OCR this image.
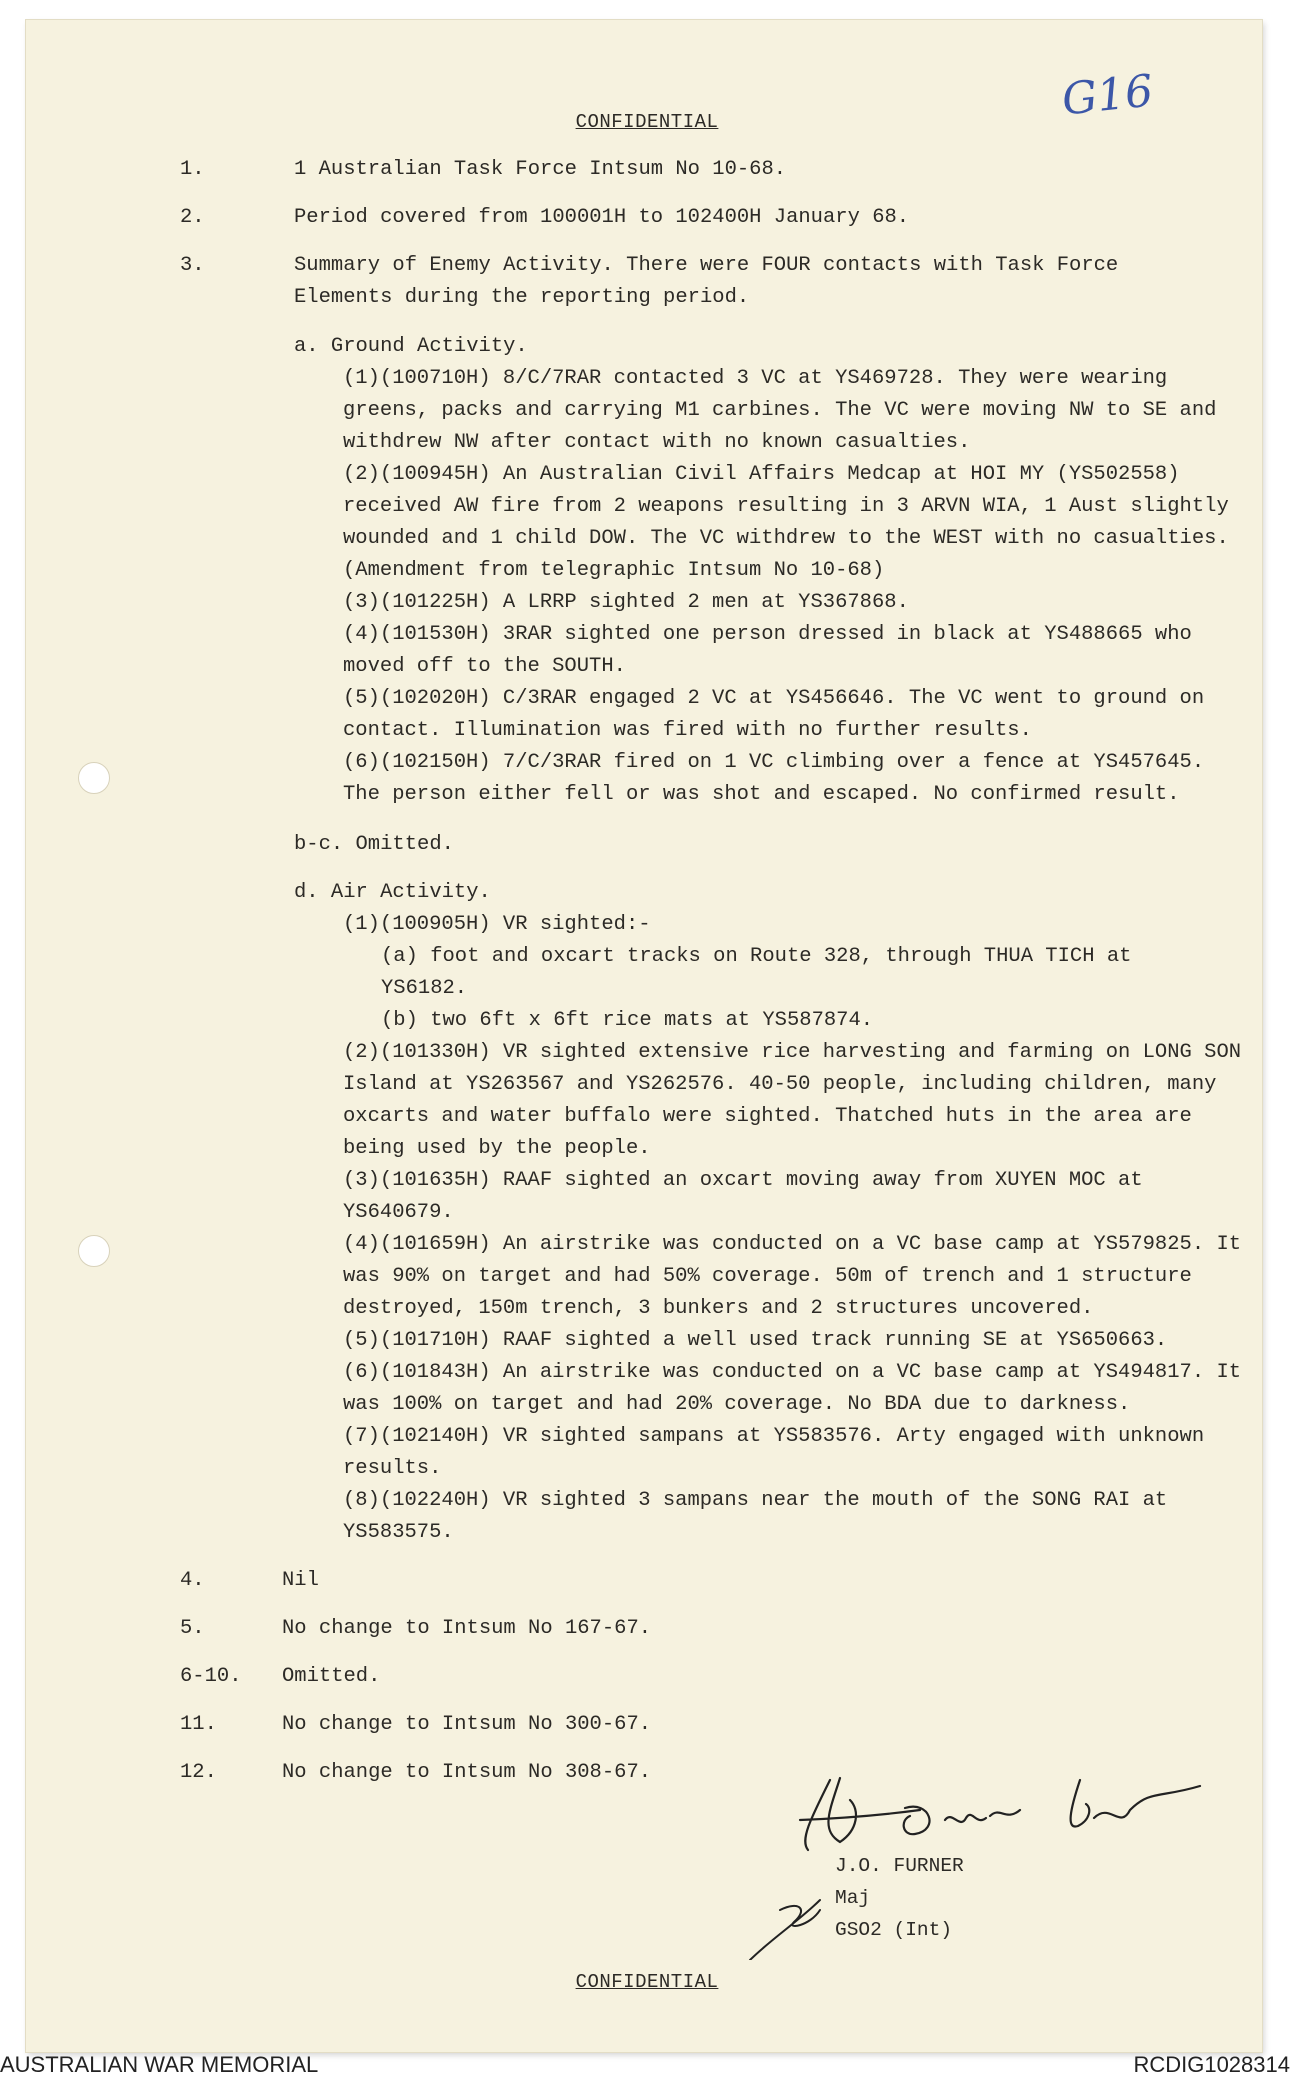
CONFIDENTIAL	G16
1.	1 Australian Task Force Intsum No 10-68.
2.	Period covered from 100001H to 102400H January 68.
3.	Summary of Enemy Activity. There were FOUR contacts with Task Force Elements during the reporting period.
a. Ground Activity.
(1)(100710H) 8/C/7RAR contacted 3 VC at YS469728. They were wearing greens, packs and carrying M1 carbines. The VC were moving NW to SE and withdrew NW after contact with no known casualties.
(2)(100945H) An Australian Civil Affairs Medcap at HOI MY (YS502558) received AW fire from 2 weapons resulting in 3 ARVN WIA, 1 Aust slightly wounded and 1 child DOW. The VC withdrew to the WEST with no casualties. (Amendment from telegraphic Intsum No 10-68)
(3)(101225H) A LRRP sighted 2 men at YS367868.
(4)(101530H) 3RAR sighted one person dressed in black at YS488665 who moved off to the SOUTH.
(5)(102020H) C/3RAR engaged 2 VC at YS456646. The VC went to ground on contact. Illumination was fired with no further results.
(6)(102150H) 7/C/3RAR fired on 1 VC climbing over a fence at YS457645. The person either fell or was shot and escaped. No confirmed result.
b-c. Omitted.
d. Air Activity.
(1)(100905H) VR sighted:-
(a) foot and oxcart tracks on Route 328, through THUA TICH at YS6182.
(b) two 6ft x 6ft rice mats at YS587874.
(2)(101330H) VR sighted extensive rice harvesting and farming on LONG SON Island at YS263567 and YS262576. 40-50 people, including children, many oxcarts and water buffalo were sighted. Thatched huts in the area are being used by the people.
(3)(101635H) RAAF sighted an oxcart moving away from XUYEN MOC at YS640679.
(4)(101659H) An airstrike was conducted on a VC base camp at YS579825. It was 90% on target and had 50% coverage. 50m of trench and 1 structure destroyed, 150m trench, 3 bunkers and 2 structures uncovered.
(5)(101710H) RAAF sighted a well used track running SE at YS650663.
(6)(101843H) An airstrike was conducted on a VC base camp at YS494817. It was 100% on target and had 20% coverage. No BDA due to darkness.
(7)(102140H) VR sighted sampans at YS583576. Arty engaged with unknown results.
(8)(102240H) VR sighted 3 sampans near the mouth of the SONG RAI at YS583575.
4.	Nil
5.	No change to Intsum No 167-67.
6-10. Omitted.
11.	No change to Intsum No 300-67.
12.	No change to Intsum No 308-67.
J.O. FURNER
Maj
GSO2 (Int)
CONFIDENTIAL
AUSTRALIAN WAR MEMORIAL	RCDIG1028314
